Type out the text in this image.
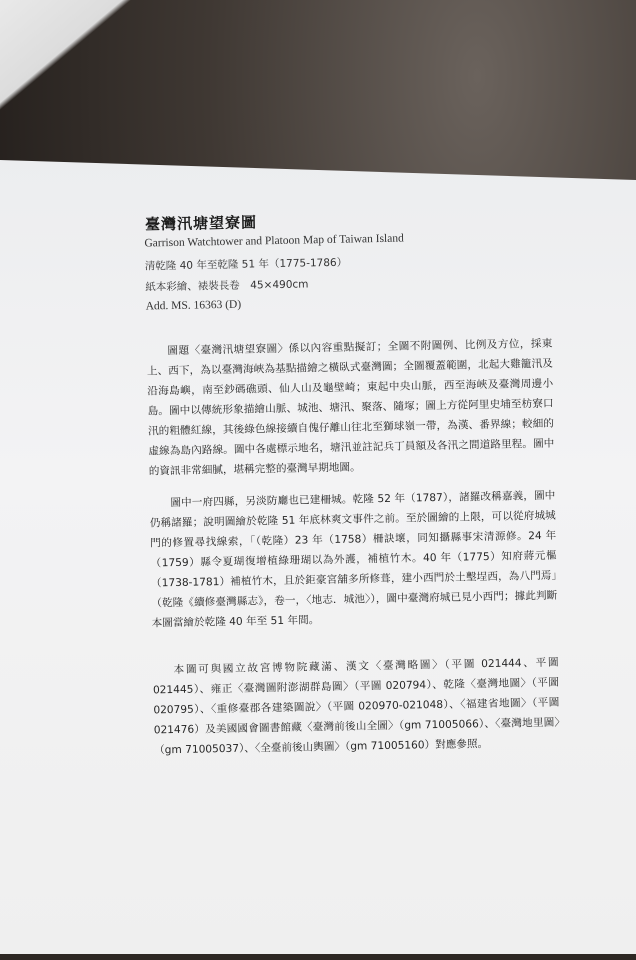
臺灣汛塘望寮圖
Garrison Watchtower and Platoon Map of Taiwan Island
清乾隆 40 年至乾隆 51 年（1775-1786）
紙本彩繪、裱裝長卷　45×490cm
Add. MS. 16363 (D)

圖題〈臺灣汛塘望寮圖〉係以內容重點擬訂；全圖不附圖例、比例及方位，採東上、西下，為以臺灣海峽為基點描繪之橫臥式臺灣圖；全圖覆蓋範圍，北起大雞籠汛及沿海島嶼，南至鈔碼礁頭、仙人山及龜壁崎；東起中央山脈，西至海峽及臺灣周邊小島。圖中以傳統形象描繪山脈、城池、塘汛、聚落、隨塚；圖上方從阿里史埔至枋寮口汛的粗體紅線，其後綠色線接續自傀仔離山往北至獅球嶺一帶，為漢、番界線；較細的虛線為島內路線。圖中各處標示地名，塘汛並註記兵丁員額及各汛之間道路里程。圖中的資訊非常細膩，堪稱完整的臺灣早期地圖。

圖中一府四縣，另淡防廳也已建柵城。乾隆 52 年（1787），諸羅改稱嘉義，圖中仍稱諸羅；說明圖繪於乾隆 51 年底林爽文事件之前。至於圖繪的上限，可以從府城城門的修置尋找線索，「（乾隆）23 年（1758）柵訣壞，同知攝縣事宋清源修。24 年（1759）縣令夏瑚復增植綠珊瑚以為外護，補植竹木。40 年（1775）知府蔣元樞（1738-1781）補植竹木，且於鉅豪宮舖多所修葺，建小西門於土墼埕西，為八門焉」（乾隆《續修臺灣縣志》，卷一，〈地志．城池〉），圖中臺灣府城已見小西門；據此判斷本圖當繪於乾隆 40 年至 51 年間。

本圖可與國立故宮博物院藏滿、漢文〈臺灣略圖〉（平圖 021444、平圖 021445）、雍正〈臺灣圖附澎湖群島圖〉（平圖 020794）、乾隆〈臺灣地圖〉（平圖 020795）、〈重修臺郡各建築圖說〉（平圖 020970-021048）、〈福建省地圖〉（平圖 021476）及美國國會圖書館藏〈臺灣前後山全圖〉（gm 71005066）、〈臺灣地里圖〉（gm 71005037）、〈全臺前後山輿圖〉（gm 71005160）對應參照。
